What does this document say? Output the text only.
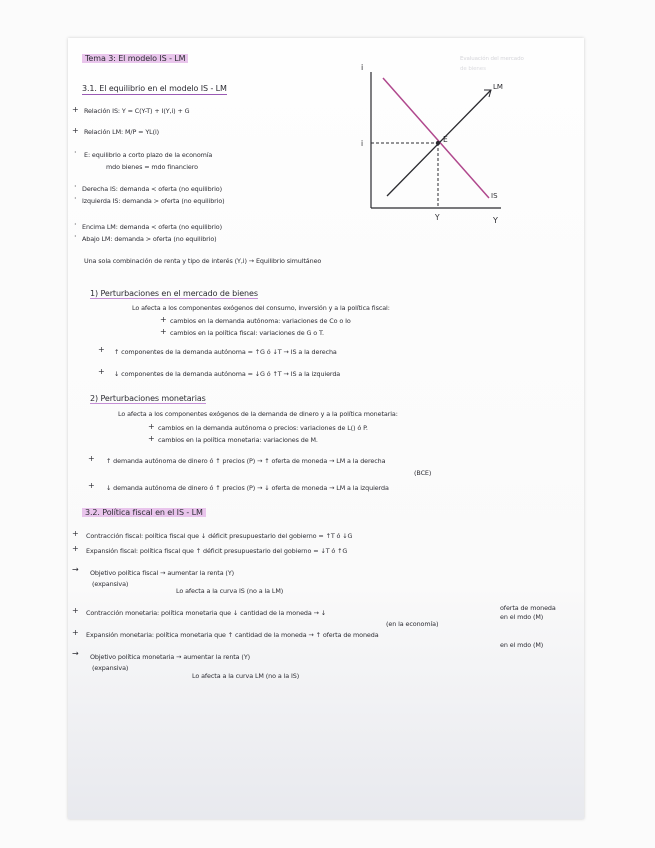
Tema 3: El modelo IS - LM	Evaluación del mercado
de bienes
3.1. El equilibrio en el modelo IS - LM
+ Relación IS: Y = C(Y-T) + I(Y,i) + G
+ Relación LM: M/P = YL(i)
· E: equilibrio a corto plazo de la economía
mdo bienes = mdo financiero
· Derecha IS: demanda < oferta (no equilibrio)
· Izquierda IS: demanda > oferta (no equilibrio)
· Encima LM: demanda < oferta (no equilibrio)
· Abajo LM: demanda > oferta (no equilibrio)
Una sola combinación de renta y tipo de interés (Y,i) → Equilibrio simultáneo
i
Y
E
LM
IS
i
Y
1) Perturbaciones en el mercado de bienes
Lo afecta a los componentes exógenos del consumo, inversión y a la política fiscal:
+ cambios en la demanda autónoma: variaciones de Co o Io
+ cambios en la política fiscal: variaciones de G o T.
+ ↑ componentes de la demanda autónoma = ↑G ó ↓T → IS a la derecha
+ ↓ componentes de la demanda autónoma = ↓G ó ↑T → IS a la izquierda
2) Perturbaciones monetarias
Lo afecta a los componentes exógenos de la demanda de dinero y a la política monetaria:
+ cambios en la demanda autónoma o precios: variaciones de L() ó P.
+ cambios en la política monetaria: variaciones de M.
+ ↑ demanda autónoma de dinero ó ↑ precios (P) → ↑ oferta de moneda → LM a la derecha
(BCE)
+ ↓ demanda autónoma de dinero ó ↑ precios (P) → ↓ oferta de moneda → LM a la izquierda
3.2. Política fiscal en el IS - LM
+ Contracción fiscal: política fiscal que ↓ déficit presupuestario del gobierno = ↑T ó ↓G
+ Expansión fiscal: política fiscal que ↑ déficit presupuestario del gobierno = ↓T ó ↑G
→ Objetivo política fiscal → aumentar la renta (Y)
(expansiva)
Lo afecta a la curva IS (no a la LM)
+ Contracción monetaria: política monetaria que ↓ cantidad de la moneda → ↓
oferta de moneda
en el mdo (M)
(en la economía)
+ Expansión monetaria: política monetaria que ↑ cantidad de la moneda → ↑ oferta de moneda
en el mdo (M)
→ Objetivo política monetaria → aumentar la renta (Y)
(expansiva)
Lo afecta a la curva LM (no a la IS)
